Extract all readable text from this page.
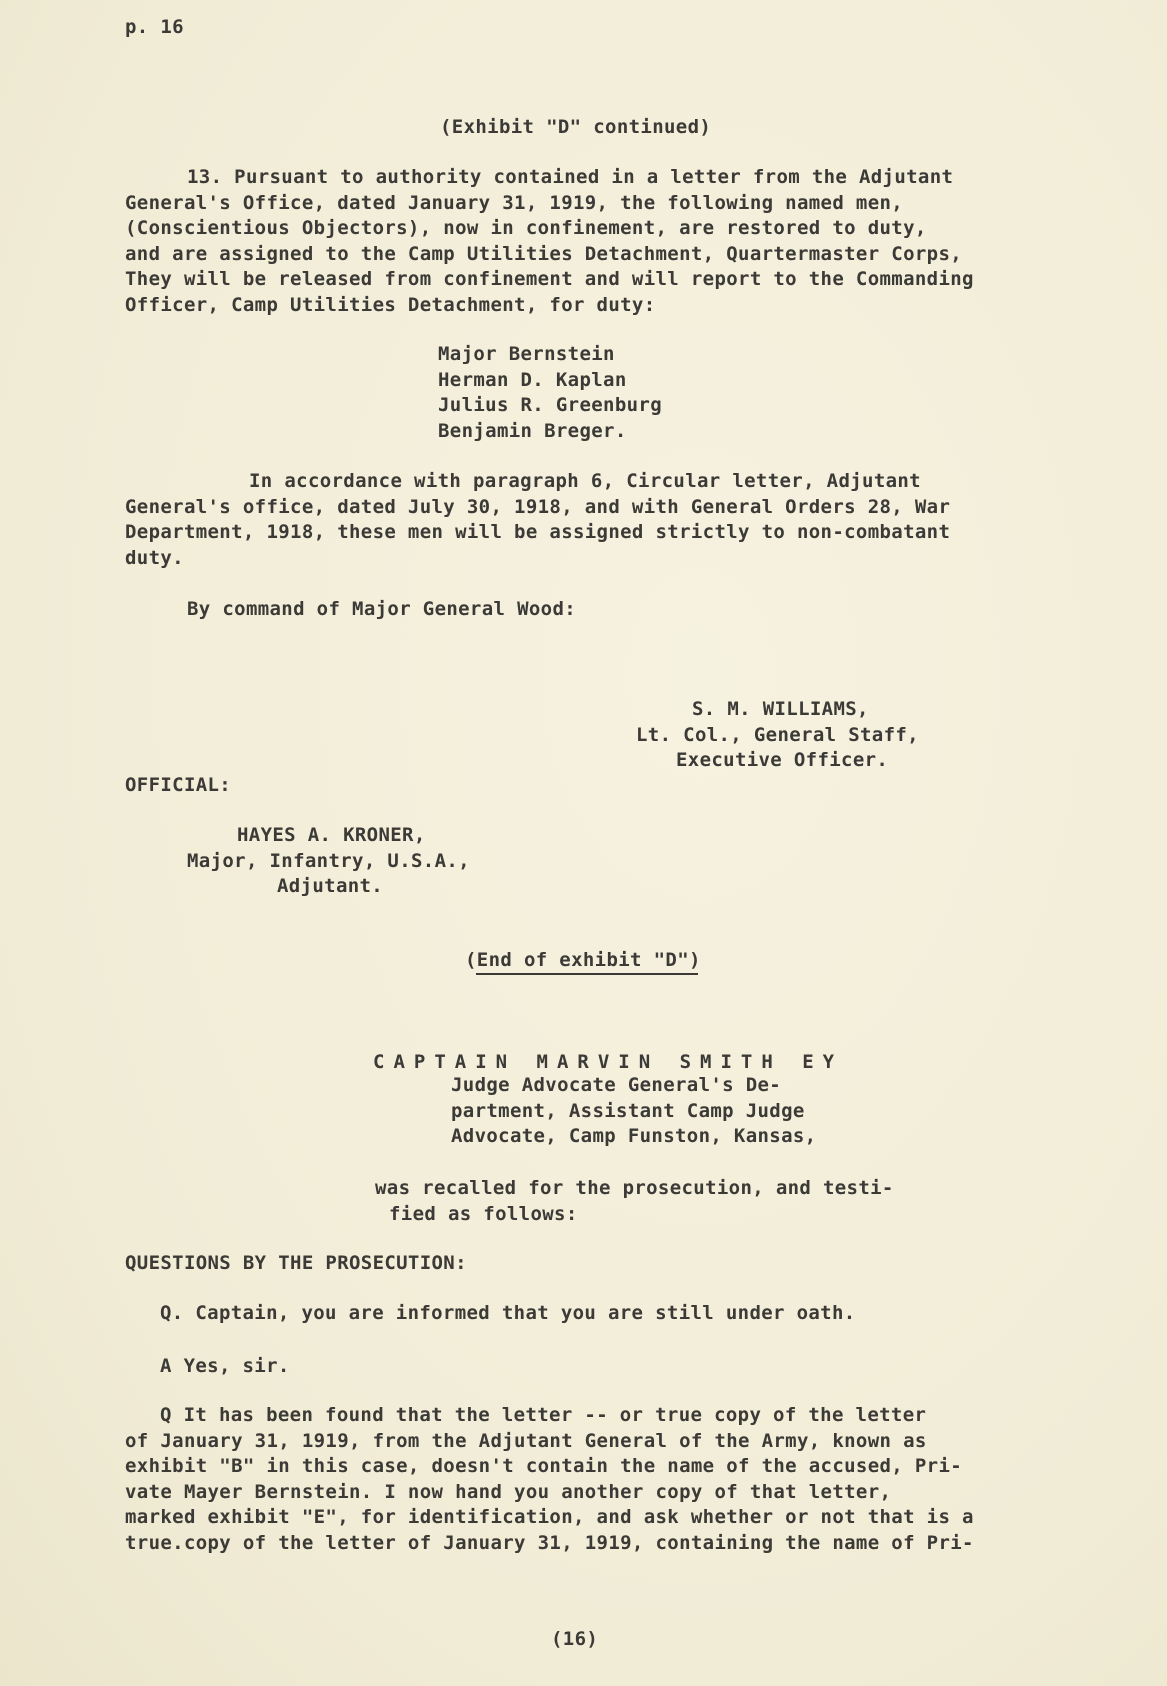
p. 16
(Exhibit "D" continued)
13. Pursuant to authority contained in a letter from the Adjutant
General's Office, dated January 31, 1919, the following named men,
(Conscientious Objectors), now in confinement, are restored to duty,
and are assigned to the Camp Utilities Detachment, Quartermaster Corps,
They will be released from confinement and will report to the Commanding
Officer, Camp Utilities Detachment, for duty:
Major Bernstein
Herman D. Kaplan
Julius R. Greenburg
Benjamin Breger.
In accordance with paragraph 6, Circular letter, Adjutant
General's office, dated July 30, 1918, and with General Orders 28, War
Department, 1918, these men will be assigned strictly to non-combatant
duty.
By command of Major General Wood:
S. M. WILLIAMS,
Lt. Col., General Staff,
Executive Officer.
OFFICIAL:
HAYES A. KRONER,
Major, Infantry, U.S.A.,
Adjutant.
(End of exhibit "D")
CAPTAIN MARVIN SMITH EY
Judge Advocate General's De-
partment, Assistant Camp Judge
Advocate, Camp Funston, Kansas,
was recalled for the prosecution, and testi-
fied as follows:
QUESTIONS BY THE PROSECUTION:
Q. Captain, you are informed that you are still under oath.
A Yes, sir.
Q It has been found that the letter -- or true copy of the letter
of January 31, 1919, from the Adjutant General of the Army, known as
exhibit "B" in this case, doesn't contain the name of the accused, Pri-
vate Mayer Bernstein. I now hand you another copy of that letter,
marked exhibit "E", for identification, and ask whether or not that is a
true.copy of the letter of January 31, 1919, containing the name of Pri-
(16)
